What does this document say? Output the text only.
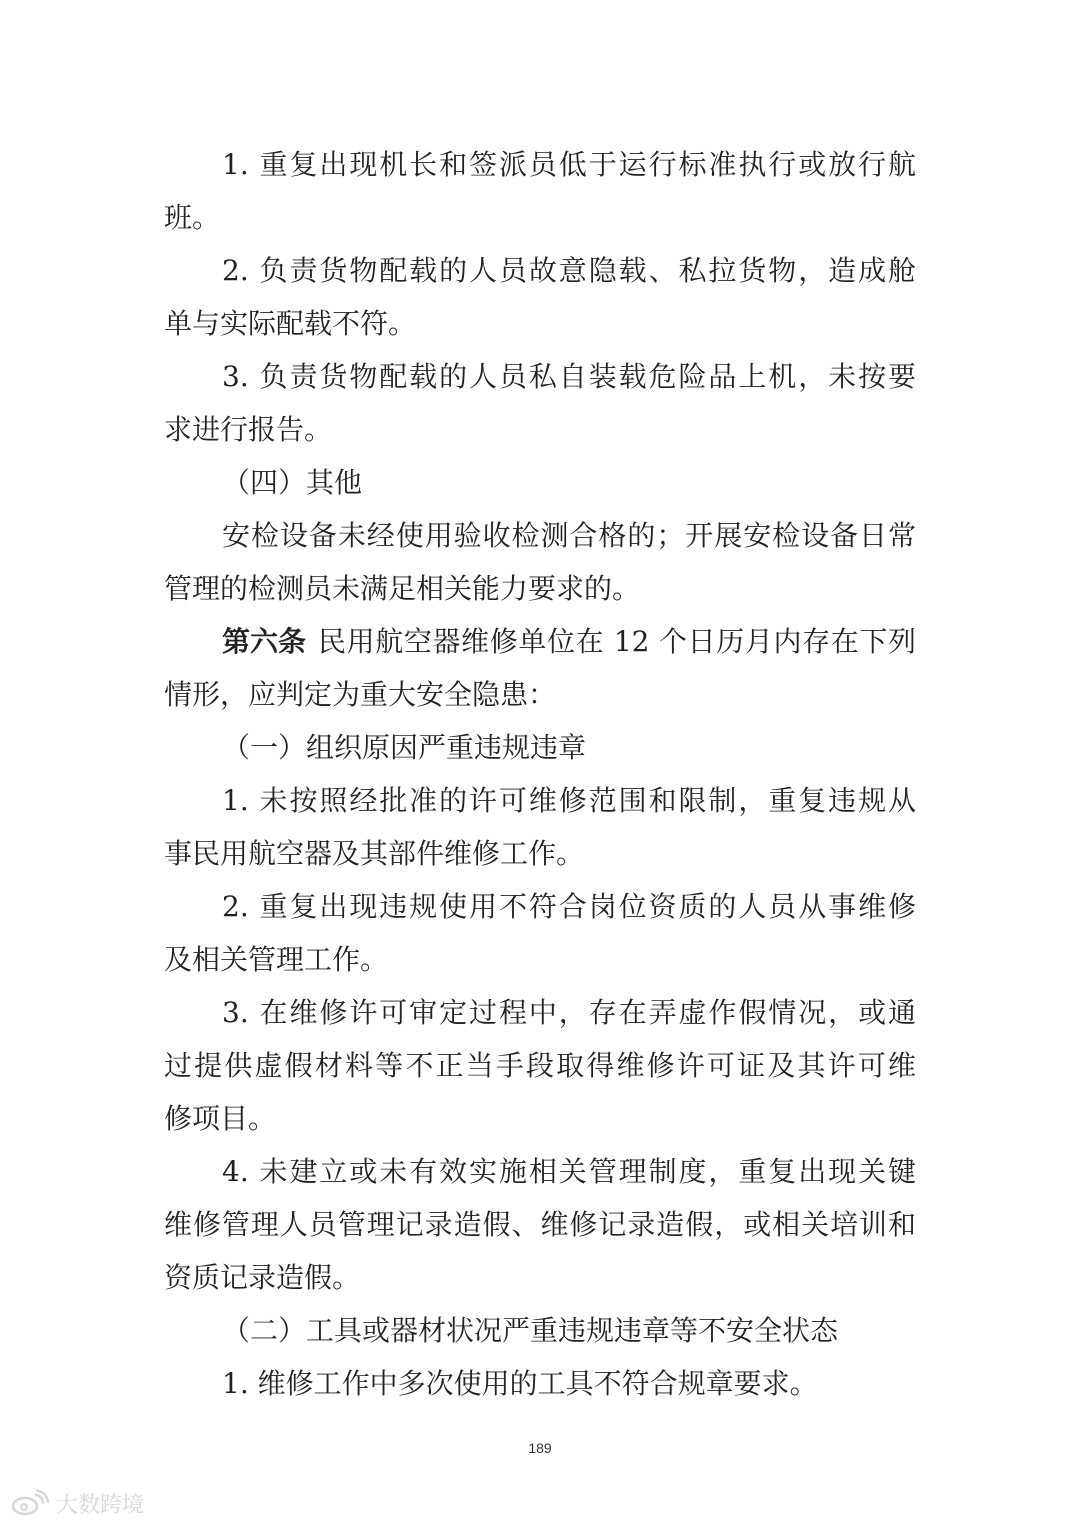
1. 重复出现机长和签派员低于运行标准执行或放行航
班。
2. 负责货物配载的人员故意隐载、私拉货物，造成舱
单与实际配载不符。
3. 负责货物配载的人员私自装载危险品上机，未按要
求进行报告。
（四）其他
安检设备未经使用验收检测合格的；开展安检设备日常
管理的检测员未满足相关能力要求的。
第六条 民用航空器维修单位在 12 个日历月内存在下列
情形，应判定为重大安全隐患：
（一）组织原因严重违规违章
1. 未按照经批准的许可维修范围和限制，重复违规从
事民用航空器及其部件维修工作。
2. 重复出现违规使用不符合岗位资质的人员从事维修
及相关管理工作。
3. 在维修许可审定过程中，存在弄虚作假情况，或通
过提供虚假材料等不正当手段取得维修许可证及其许可维
修项目。
4. 未建立或未有效实施相关管理制度，重复出现关键
维修管理人员管理记录造假、维修记录造假，或相关培训和
资质记录造假。
（二）工具或器材状况严重违规违章等不安全状态
1. 维修工作中多次使用的工具不符合规章要求。
189
大数跨境
